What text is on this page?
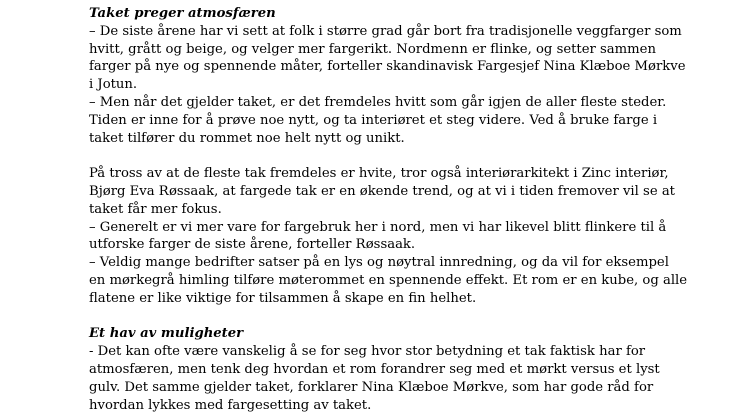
Taket preger atmosfæren
– De siste årene har vi sett at folk i større grad går bort fra tradisjonelle veggfarger som
hvitt, grått og beige, og velger mer fargerikt. Nordmenn er flinke, og setter sammen
farger på nye og spennende måter, forteller skandinavisk Fargesjef Nina Klæboe Mørkve
i Jotun.
– Men når det gjelder taket, er det fremdeles hvitt som går igjen de aller fleste steder.
Tiden er inne for å prøve noe nytt, og ta interiøret et steg videre. Ved å bruke farge i
taket tilfører du rommet noe helt nytt og unikt.
På tross av at de fleste tak fremdeles er hvite, tror også interiørarkitekt i Zinc interiør,
Bjørg Eva Røssaak, at fargede tak er en økende trend, og at vi i tiden fremover vil se at
taket får mer fokus.
– Generelt er vi mer vare for fargebruk her i nord, men vi har likevel blitt flinkere til å
utforske farger de siste årene, forteller Røssaak.
– Veldig mange bedrifter satser på en lys og nøytral innredning, og da vil for eksempel
en mørkegrå himling tilføre møterommet en spennende effekt. Et rom er en kube, og alle
flatene er like viktige for tilsammen å skape en fin helhet.
Et hav av muligheter
- Det kan ofte være vanskelig å se for seg hvor stor betydning et tak faktisk har for
atmosfæren, men tenk deg hvordan et rom forandrer seg med et mørkt versus et lyst
gulv. Det samme gjelder taket, forklarer Nina Klæboe Mørkve, som har gode råd for
hvordan lykkes med fargesetting av taket.
